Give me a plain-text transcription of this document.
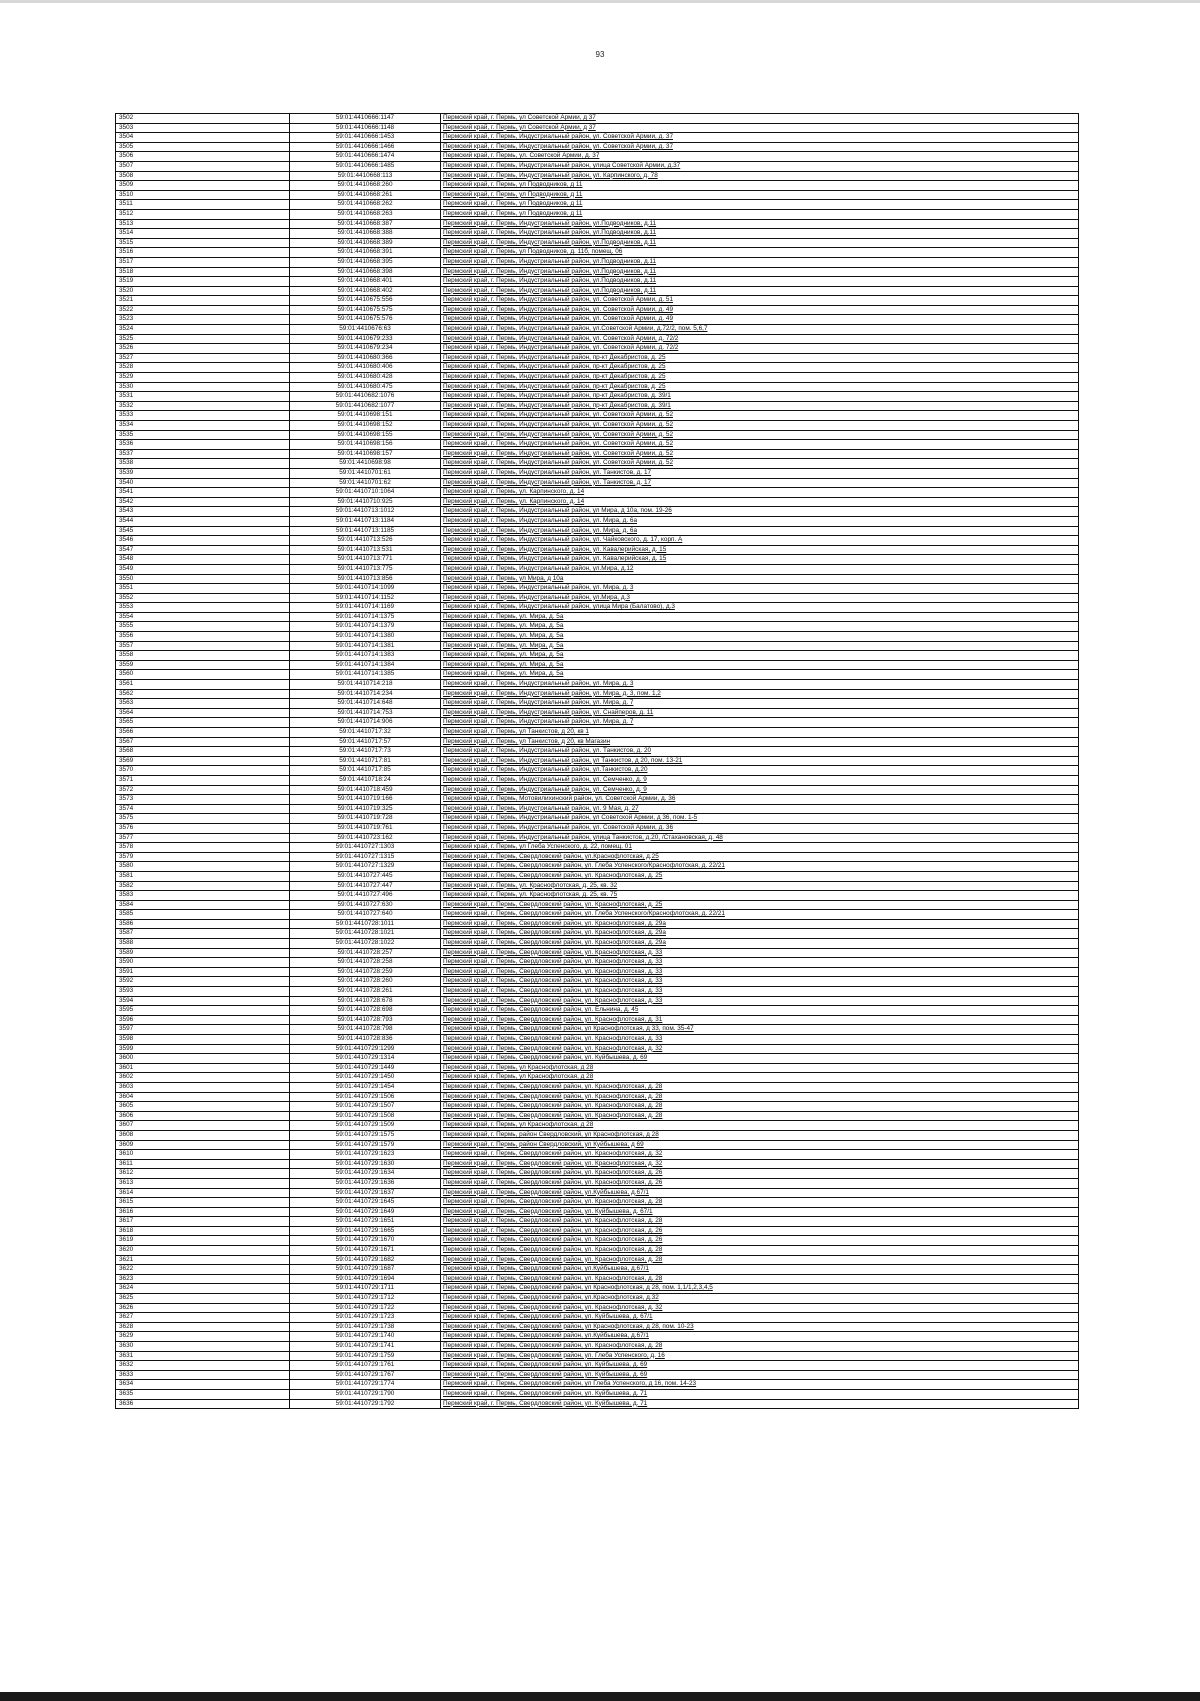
93
3502	59:01:4410666:1147	Пермский край, г. Пермь, ул Советской Армии, д 37
3503	59:01:4410666:1148	Пермский край, г. Пермь, ул Советской Армии, д 37
3504	59:01:4410666:1453	Пермский край, г. Пермь, Индустриальный район, ул. Советской Армии, д. 37
3505	59:01:4410666:1466	Пермский край, г. Пермь, Индустриальный район, ул. Советской Армии, д. 37
3506	59:01:4410666:1474	Пермский край, г. Пермь, ул. Советской Армии, д. 37
3507	59:01:4410666:1485	Пермский край, г. Пермь, Индустриальный район, улица Советской Армии, д.37
3508	59:01:4410668:113	Пермский край, г. Пермь, Индустриальный район, ул. Карпинского, д. 78
3509	59:01:4410668:260	Пермский край, г. Пермь, ул Подводников, д 11
3510	59:01:4410668:261	Пермский край, г. Пермь, ул Подводников, д 11
3511	59:01:4410668:262	Пермский край, г. Пермь, ул Подводников, д 11
3512	59:01:4410668:263	Пермский край, г. Пермь, ул Подводников, д 11
3513	59:01:4410668:387	Пермский край, г. Пермь, Индустриальный район, ул.Подводников, д.11
3514	59:01:4410668:388	Пермский край, г. Пермь, Индустриальный район, ул.Подводников, д.11
3515	59:01:4410668:389	Пермский край, г. Пермь, Индустриальный район, ул.Подводников, д.11
3516	59:01:4410668:391	Пермский край, г. Пермь, ул Подводников, д. 11б, помещ. 06
3517	59:01:4410668:395	Пермский край, г. Пермь, Индустриальный район, ул.Подводников, д.11
3518	59:01:4410668:398	Пермский край, г. Пермь, Индустриальный район, ул.Подводников, д.11
3519	59:01:4410668:401	Пермский край, г. Пермь, Индустриальный район, ул.Подводников, д.11
3520	59:01:4410668:402	Пермский край, г. Пермь, Индустриальный район, ул.Подводников, д.11
3521	59:01:4410675:556	Пермский край, г. Пермь, Индустриальный район, ул. Советской Армии, д. 51
3522	59:01:4410675:575	Пермский край, г. Пермь, Индустриальный район, ул. Советской Армии, д. 49
3523	59:01:4410675:576	Пермский край, г. Пермь, Индустриальный район, ул. Советской Армии, д. 49
3524	59:01:4410676:63	Пермский край, г. Пермь, Индустриальный район, ул.Советской Армии, д.72/2, пом. 5,6,7
3525	59:01:4410679:233	Пермский край, г. Пермь, Индустриальный район, ул. Советской Армии, д. 72/2
3526	59:01:4410679:234	Пермский край, г. Пермь, Индустриальный район, ул. Советской Армии, д. 72/2
3527	59:01:4410680:366	Пермский край, г. Пермь, Индустриальный район, пр-кт Декабристов, д. 25
3528	59:01:4410680:406	Пермский край, г. Пермь, Индустриальный район, пр-кт Декабристов, д. 25
3529	59:01:4410680:428	Пермский край, г. Пермь, Индустриальный район, пр-кт Декабристов, д. 25
3530	59:01:4410680:475	Пермский край, г. Пермь, Индустриальный район, пр-кт Декабристов, д. 25
3531	59:01:4410682:1076	Пермский край, г. Пермь, Индустриальный район, пр-кт Декабристов, д. 39/1
3532	59:01:4410682:1077	Пермский край, г. Пермь, Индустриальный район, пр-кт Декабристов, д. 39/1
3533	59:01:4410698:151	Пермский край, г. Пермь, Индустриальный район, ул. Советской Армии, д. 52
3534	59:01:4410698:152	Пермский край, г. Пермь, Индустриальный район, ул. Советской Армии, д. 52
3535	59:01:4410698:155	Пермский край, г. Пермь, Индустриальный район, ул. Советской Армии, д. 52
3536	59:01:4410698:156	Пермский край, г. Пермь, Индустриальный район, ул. Советской Армии, д. 52
3537	59:01:4410698:157	Пермский край, г. Пермь, Индустриальный район, ул. Советской Армии, д. 52
3538	59:01:4410698:98	Пермский край, г. Пермь, Индустриальный район, ул. Советской Армии, д. 52
3539	59:01:4410701:61	Пермский край, г. Пермь, Индустриальный район, ул. Танкистов, д. 17
3540	59:01:4410701:62	Пермский край, г. Пермь, Индустриальный район, ул. Танкистов, д. 17
3541	59:01:4410710:1064	Пермский край, г. Пермь, ул. Карпинского, д. 14
3542	59:01:4410710:925	Пермский край, г. Пермь, ул. Карпинского, д. 14
3543	59:01:4410713:1012	Пермский край, г. Пермь, Индустриальный район, ул Мира, д 10а, пом. 19-26
3544	59:01:4410713:1184	Пермский край, г. Пермь, Индустриальный район, ул. Мира, д. 6а
3545	59:01:4410713:1185	Пермский край, г. Пермь, Индустриальный район, ул. Мира, д. 6а
3546	59:01:4410713:526	Пермский край, г. Пермь, Индустриальный район, ул. Чайковского, д. 17, корп. А
3547	59:01:4410713:531	Пермский край, г. Пермь, Индустриальный район, ул. Кавалерийская, д. 15
3548	59:01:4410713:771	Пермский край, г. Пермь, Индустриальный район, ул. Кавалерийская, д. 15
3549	59:01:4410713:775	Пермский край, г. Пермь, Индустриальный район, ул.Мира, д.12
3550	59:01:4410713:856	Пермский край, г. Пермь, ул Мира, д 10а
3551	59:01:4410714:1099	Пермский край, г. Пермь, Индустриальный район, ул. Мира, д. 3
3552	59:01:4410714:1152	Пермский край, г. Пермь, Индустриальный район, ул.Мира, д.3
3553	59:01:4410714:1169	Пермский край, г. Пермь, Индустриальный район, улица Мира (Балатово), д.3
3554	59:01:4410714:1375	Пермский край, г. Пермь, ул. Мира, д. 5а
3555	59:01:4410714:1379	Пермский край, г. Пермь, ул. Мира, д. 5а
3556	59:01:4410714:1380	Пермский край, г. Пермь, ул. Мира, д. 5а
3557	59:01:4410714:1381	Пермский край, г. Пермь, ул. Мира, д. 5а
3558	59:01:4410714:1383	Пермский край, г. Пермь, ул. Мира, д. 5а
3559	59:01:4410714:1384	Пермский край, г. Пермь, ул. Мира, д. 5а
3560	59:01:4410714:1385	Пермский край, г. Пермь, ул. Мира, д. 5а
3561	59:01:4410714:218	Пермский край, г. Пермь, Индустриальный район, ул. Мира, д. 3
3562	59:01:4410714:234	Пермский край, г. Пермь, Индустриальный район, ул. Мира, д. 3, пом. 1,2
3563	59:01:4410714:648	Пермский край, г. Пермь, Индустриальный район, ул. Мира, д. 7
3564	59:01:4410714:753	Пермский край, г. Пермь, Индустриальный район, ул. Снайперов, д. 11
3565	59:01:4410714:906	Пермский край, г. Пермь, Индустриальный район, ул. Мира, д. 7
3566	59:01:4410717:32	Пермский край, г. Пермь, ул Танкистов, д 20, кв 1
3567	59:01:4410717:57	Пермский край, г. Пермь, ул Танкистов, д 20, кв Магазин
3568	59:01:4410717:73	Пермский край, г. Пермь, Индустриальный район, ул. Танкистов, д. 20
3569	59:01:4410717:81	Пермский край, г. Пермь, Индустриальный район, ул Танкистов, д 20, пом. 13-21
3570	59:01:4410717:85	Пермский край, г. Пермь, Индустриальный район, ул.Танкистов, д.20
3571	59:01:4410718:24	Пермский край, г. Пермь, Индустриальный район, ул. Семченко, д. 9
3572	59:01:4410718:459	Пермский край, г. Пермь, Индустриальный район, ул. Семченко, д. 9
3573	59:01:4410719:166	Пермский край, г. Пермь, Мотовилихинский район, ул. Советской Армии, д. 36
3574	59:01:4410719:325	Пермский край, г. Пермь, Индустриальный район, ул. 9 Мая, д. 27
3575	59:01:4410719:728	Пермский край, г. Пермь, Индустриальный район, ул Советской Армии, д 36, пом. 1-5
3576	59:01:4410719:761	Пермский край, г. Пермь, Индустриальный район, ул. Советской Армии, д. 36
3577	59:01:4410723:162	Пермский край, г. Пермь, Индустриальный район, улица Танкистов, д.20, /Стахановская, д. 48
3578	59:01:4410727:1303	Пермский край, г. Пермь, ул Глеба Успенского, д. 22, помещ. 01
3579	59:01:4410727:1315	Пермский край, г. Пермь, Свердловский район, ул.Краснофлотская, д.25
3580	59:01:4410727:1329	Пермский край, г. Пермь, Свердловский район, ул. Глеба Успенского/Краснофлотская, д. 22/21
3581	59:01:4410727:445	Пермский край, г. Пермь, Свердловский район, ул. Краснофлотская, д. 25
3582	59:01:4410727:447	Пермский край, г. Пермь, ул. Краснофлотская, д. 25, кв. 32
3583	59:01:4410727:496	Пермский край, г. Пермь, ул. Краснофлотская, д. 25, кв. 75
3584	59:01:4410727:630	Пермский край, г. Пермь, Свердловский район, ул. Краснофлотская, д. 25
3585	59:01:4410727:640	Пермский край, г. Пермь, Свердловский район, ул. Глеба Успенского/Краснофлотская, д. 22/21
3586	59:01:4410728:1011	Пермский край, г. Пермь, Свердловский район, ул. Краснофлотская, д. 29а
3587	59:01:4410728:1021	Пермский край, г. Пермь, Свердловский район, ул. Краснофлотская, д. 29а
3588	59:01:4410728:1022	Пермский край, г. Пермь, Свердловский район, ул. Краснофлотская, д. 29а
3589	59:01:4410728:257	Пермский край, г. Пермь, Свердловский район, ул. Краснофлотская, д. 33
3590	59:01:4410728:258	Пермский край, г. Пермь, Свердловский район, ул. Краснофлотская, д. 33
3591	59:01:4410728:259	Пермский край, г. Пермь, Свердловский район, ул. Краснофлотская, д. 33
3592	59:01:4410728:260	Пермский край, г. Пермь, Свердловский район, ул. Краснофлотская, д. 33
3593	59:01:4410728:261	Пермский край, г. Пермь, Свердловский район, ул. Краснофлотская, д. 33
3594	59:01:4410728:678	Пермский край, г. Пермь, Свердловский район, ул. Краснофлотская, д. 33
3595	59:01:4410728:698	Пермский край, г. Пермь, Свердловский район, ул. Ельнина, д. 45
3596	59:01:4410728:793	Пермский край, г. Пермь, Свердловский район, ул. Краснофлотская, д. 31
3597	59:01:4410728:798	Пермский край, г. Пермь, Свердловский район, ул Краснофлотская, д 33, пом. 35-47
3598	59:01:4410728:836	Пермский край, г. Пермь, Свердловский район, ул. Краснофлотская, д. 33
3599	59:01:4410729:1299	Пермский край, г. Пермь, Свердловский район, ул. Краснофлотская, д. 32
3600	59:01:4410729:1314	Пермский край, г. Пермь, Свердловский район, ул. Куйбышева, д. 69
3601	59:01:4410729:1449	Пермский край, г. Пермь, ул Краснофлотская, д 28
3602	59:01:4410729:1450	Пермский край, г. Пермь, ул Краснофлотская, д 28
3603	59:01:4410729:1454	Пермский край, г. Пермь, Свердловский район, ул. Краснофлотская, д. 28
3604	59:01:4410729:1506	Пермский край, г. Пермь, Свердловский район, ул. Краснофлотская, д. 28
3605	59:01:4410729:1507	Пермский край, г. Пермь, Свердловский район, ул. Краснофлотская, д. 28
3606	59:01:4410729:1508	Пермский край, г. Пермь, Свердловский район, ул. Краснофлотская, д. 28
3607	59:01:4410729:1509	Пермский край, г. Пермь, ул Краснофлотская, д 28
3608	59:01:4410729:1575	Пермский край, г. Пермь, район Свердловский, ул Краснофлотская, д 28
3609	59:01:4410729:1579	Пермский край, г. Пермь, район Свердловский, ул Куйбышева, д 69
3610	59:01:4410729:1623	Пермский край, г. Пермь, Свердловский район, ул. Краснофлотская, д. 32
3611	59:01:4410729:1630	Пермский край, г. Пермь, Свердловский район, ул. Краснофлотская, д. 32
3612	59:01:4410729:1634	Пермский край, г. Пермь, Свердловский район, ул. Краснофлотская, д. 26
3613	59:01:4410729:1636	Пермский край, г. Пермь, Свердловский район, ул. Краснофлотская, д. 26
3614	59:01:4410729:1637	Пермский край, г. Пермь, Свердловский район, ул.Куйбышева, д.67/1
3615	59:01:4410729:1645	Пермский край, г. Пермь, Свердловский район, ул. Краснофлотская, д. 28
3616	59:01:4410729:1649	Пермский край, г. Пермь, Свердловский район, ул. Куйбышева, д. 67/1
3617	59:01:4410729:1651	Пермский край, г. Пермь, Свердловский район, ул. Краснофлотская, д. 28
3618	59:01:4410729:1665	Пермский край, г. Пермь, Свердловский район, ул. Краснофлотская, д. 26
3619	59:01:4410729:1670	Пермский край, г. Пермь, Свердловский район, ул. Краснофлотская, д. 26
3620	59:01:4410729:1671	Пермский край, г. Пермь, Свердловский район, ул. Краснофлотская, д. 28
3621	59:01:4410729:1682	Пермский край, г. Пермь, Свердловский район, ул. Краснофлотская, д. 28
3622	59:01:4410729:1687	Пермский край, г. Пермь, Свердловский район, ул.Куйбышева, д.67/1
3623	59:01:4410729:1694	Пермский край, г. Пермь, Свердловский район, ул. Краснофлотская, д. 28
3624	59:01:4410729:1711	Пермский край, г. Пермь, Свердловский район, ул Краснофлотская, д 28, пом. 1,1/1,2,3,4,5
3625	59:01:4410729:1712	Пермский край, г. Пермь, Свердловский район, ул.Краснофлотская, д.32
3626	59:01:4410729:1722	Пермский край, г. Пермь, Свердловский район, ул. Краснофлотская, д. 32
3627	59:01:4410729:1723	Пермский край, г. Пермь, Свердловский район, ул. Куйбышева, д. 67/1
3628	59:01:4410729:1738	Пермский край, г. Пермь, Свердловский район, ул Краснофлотская, д 28, пом. 10-23
3629	59:01:4410729:1740	Пермский край, г. Пермь, Свердловский район, ул.Куйбышева, д.67/1
3630	59:01:4410729:1741	Пермский край, г. Пермь, Свердловский район, ул. Краснофлотская, д. 28
3631	59:01:4410729:1759	Пермский край, г. Пермь, Свердловский район, ул. Глеба Успенского, д. 16
3632	59:01:4410729:1761	Пермский край, г. Пермь, Свердловский район, ул. Куйбышева, д. 69
3633	59:01:4410729:1767	Пермский край, г. Пермь, Свердловский район, ул. Куйбышева, д. 69
3634	59:01:4410729:1774	Пермский край, г. Пермь, Свердловский район, ул Глеба Успенского, д 16, пом. 14-23
3635	59:01:4410729:1790	Пермский край, г. Пермь, Свердловский район, ул. Куйбышева, д. 71
3636	59:01:4410729:1792	Пермский край, г. Пермь, Свердловский район, ул. Куйбышева, д. 71
